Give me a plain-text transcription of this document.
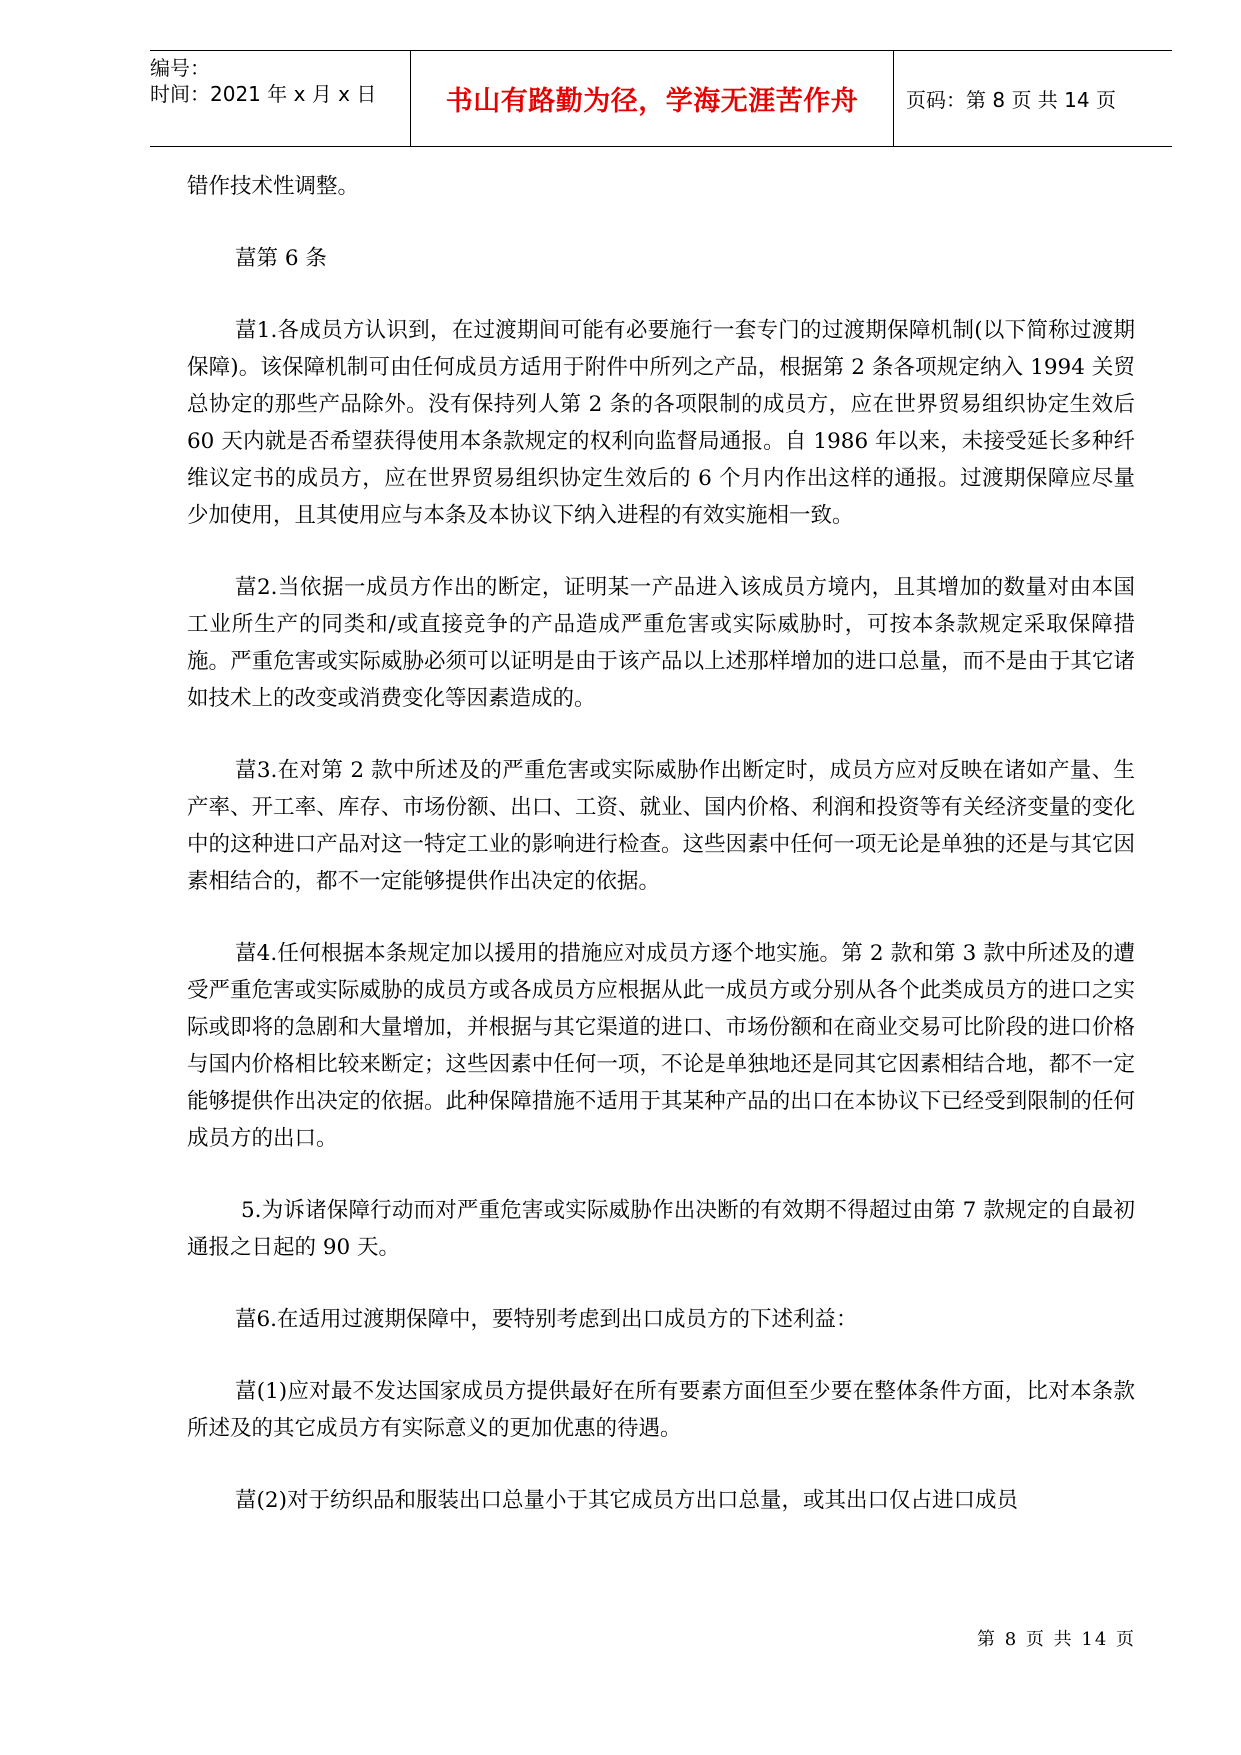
编号：
时间：2021 年 x 月 x 日	书山有路勤为径，学海无涯苦作舟 页码：第 8 页 共 14 页

错作技术性调整。

葍第 6 条

葍1.各成员方认识到，在过渡期间可能有必要施行一套专门的过渡期保障机制(以下简称过渡期保障)。该保障机制可由任何成员方适用于附件中所列之产品，根据第 2 条各项规定纳入 1994 关贸总协定的那些产品除外。没有保持列人第 2 条的各项限制的成员方，应在世界贸易组织协定生效后 60 天内就是否希望获得使用本条款规定的权利向监督局通报。自 1986 年以来，未接受延长多种纤维议定书的成员方，应在世界贸易组织协定生效后的 6 个月内作出这样的通报。过渡期保障应尽量少加使用，且其使用应与本条及本协议下纳入进程的有效实施相一致。

葍2.当依据一成员方作出的断定，证明某一产品进入该成员方境内，且其增加的数量对由本国工业所生产的同类和/或直接竞争的产品造成严重危害或实际威胁时，可按本条款规定采取保障措施。严重危害或实际威胁必须可以证明是由于该产品以上述那样增加的进口总量，而不是由于其它诸如技术上的改变或消费变化等因素造成的。

葍3.在对第 2 款中所述及的严重危害或实际威胁作出断定时，成员方应对反映在诸如产量、生产率、开工率、库存、市场份额、出口、工资、就业、国内价格、利润和投资等有关经济变量的变化中的这种进口产品对这一特定工业的影响进行检查。这些因素中任何一项无论是单独的还是与其它因素相结合的，都不一定能够提供作出决定的依据。

葍4.任何根据本条规定加以援用的措施应对成员方逐个地实施。第 2 款和第 3 款中所述及的遭受严重危害或实际威胁的成员方或各成员方应根据从此一成员方或分别从各个此类成员方的进口之实际或即将的急剧和大量增加，并根据与其它渠道的进口、市场份额和在商业交易可比阶段的进口价格与国内价格相比较来断定；这些因素中任何一项，不论是单独地还是同其它因素相结合地，都不一定能够提供作出决定的依据。此种保障措施不适用于其某种产品的出口在本协议下已经受到限制的任何成员方的出口。

5.为诉诸保障行动而对严重危害或实际威胁作出决断的有效期不得超过由第 7 款规定的自最初通报之日起的 90 天。

葍6.在适用过渡期保障中，要特别考虑到出口成员方的下述利益：

葍(1)应对最不发达国家成员方提供最好在所有要素方面但至少要在整体条件方面，比对本条款所述及的其它成员方有实际意义的更加优惠的待遇。

葍(2)对于纺织品和服装出口总量小于其它成员方出口总量，或其出口仅占进口成员

第 8 页 共 14 页
